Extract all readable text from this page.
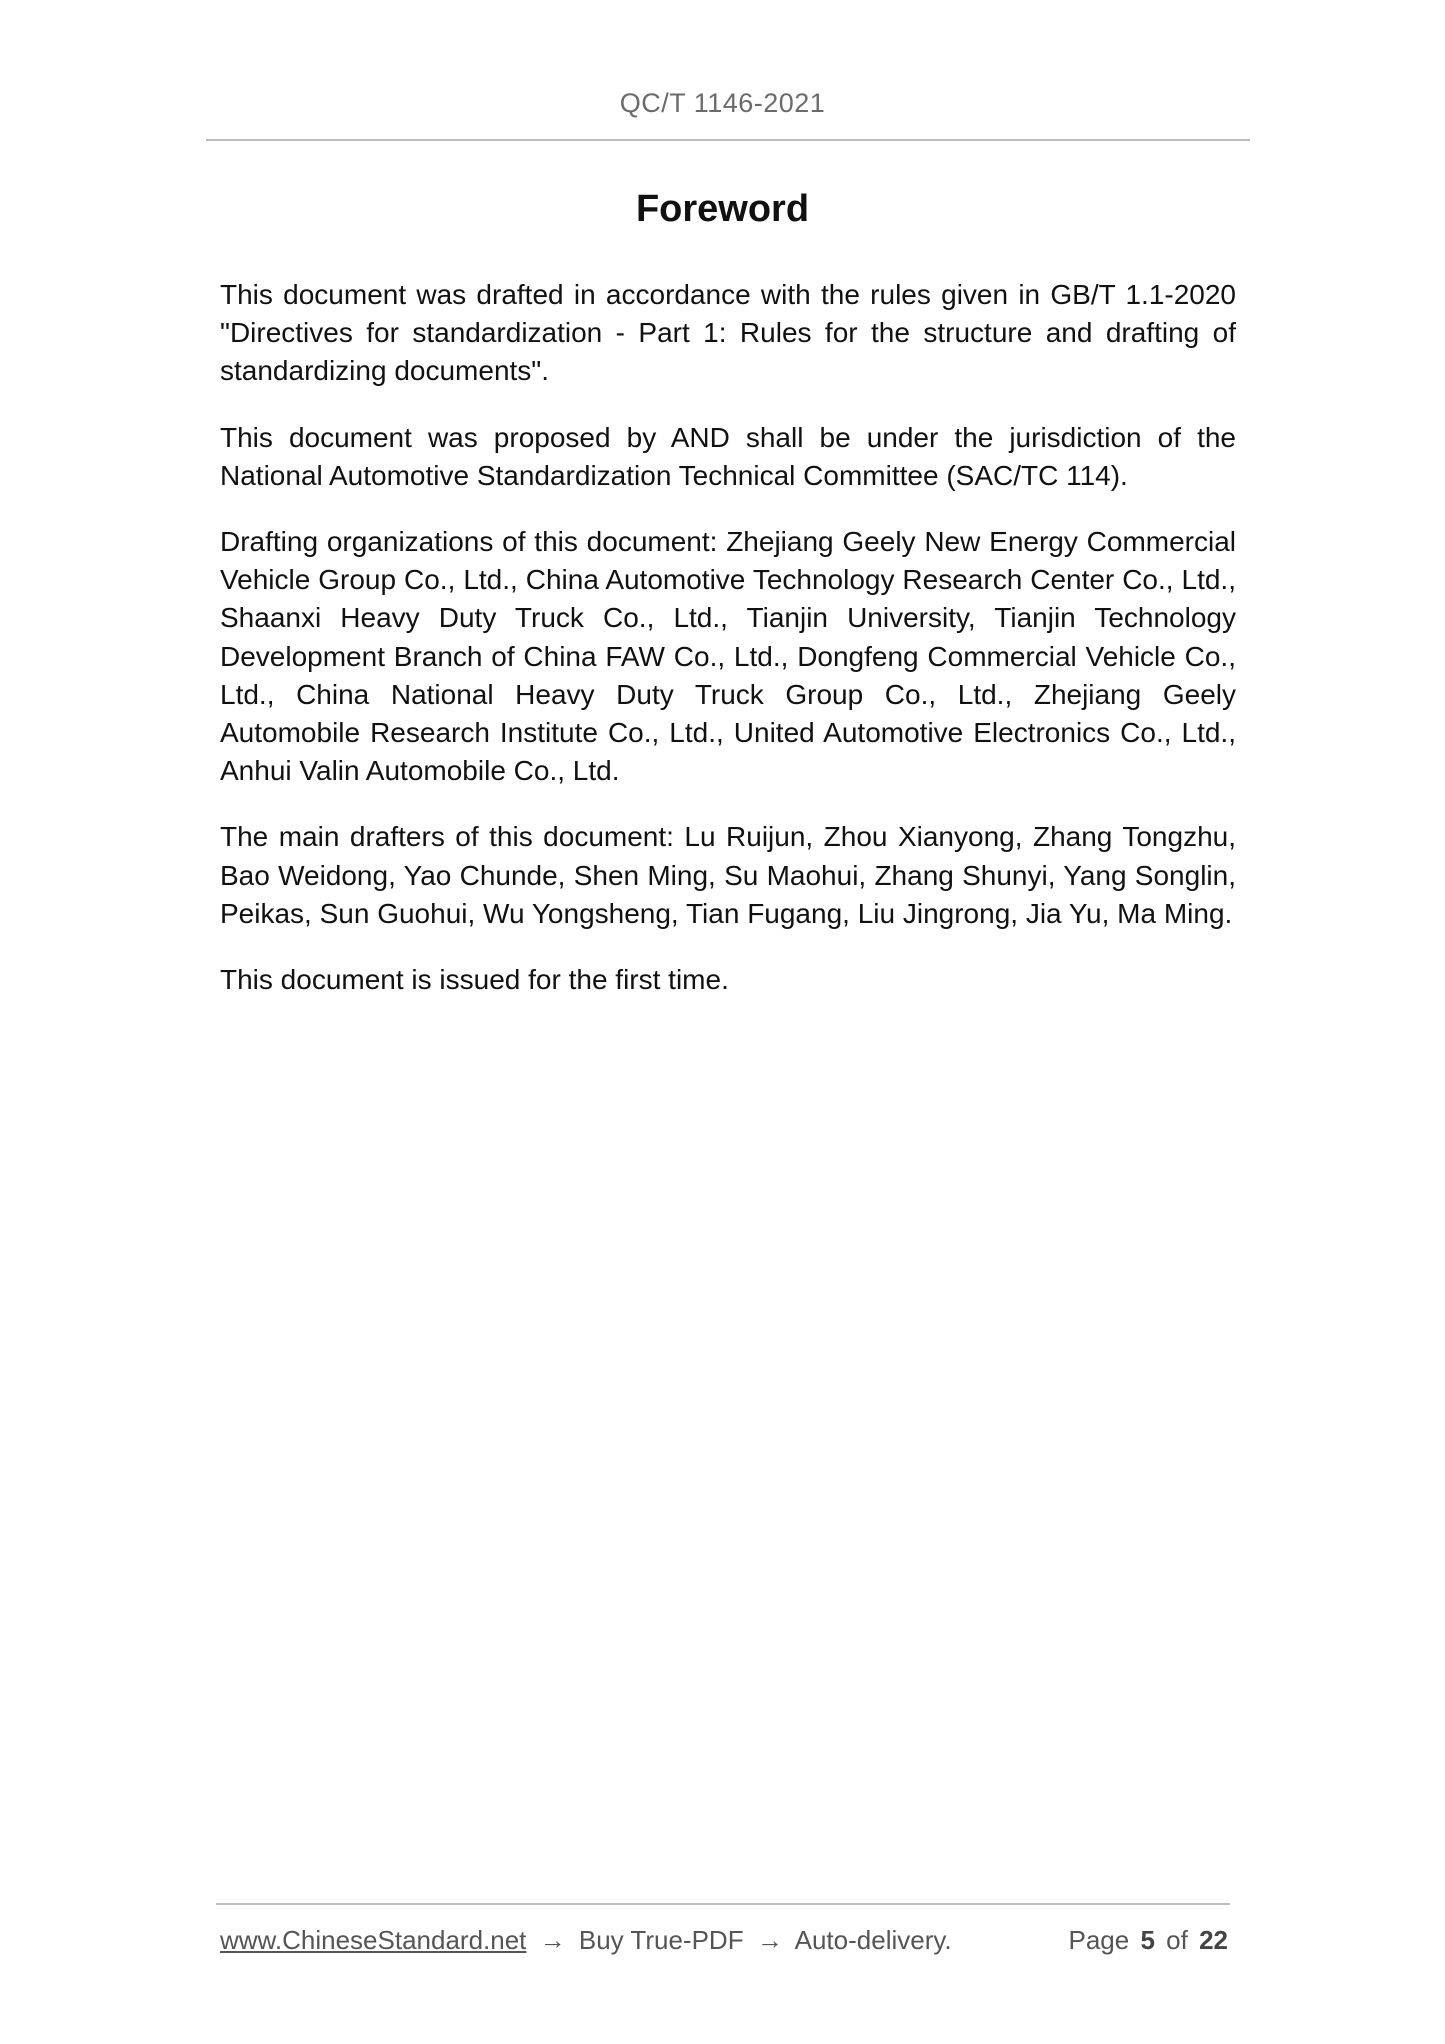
QC/T 1146-2021
Foreword

This document was drafted in accordance with the rules given in GB/T 1.1-2020 "Directives for standardization - Part 1: Rules for the structure and drafting of standardizing documents".

This document was proposed by AND shall be under the jurisdiction of the National Automotive Standardization Technical Committee (SAC/TC 114).

Drafting organizations of this document: Zhejiang Geely New Energy Commercial Vehicle Group Co., Ltd., China Automotive Technology Research Center Co., Ltd., Shaanxi Heavy Duty Truck Co., Ltd., Tianjin University, Tianjin Technology Development Branch of China FAW Co., Ltd., Dongfeng Commercial Vehicle Co., Ltd., China National Heavy Duty Truck Group Co., Ltd., Zhejiang Geely Automobile Research Institute Co., Ltd., United Automotive Electronics Co., Ltd., Anhui Valin Automobile Co., Ltd.

The main drafters of this document: Lu Ruijun, Zhou Xianyong, Zhang Tongzhu, Bao Weidong, Yao Chunde, Shen Ming, Su Maohui, Zhang Shunyi, Yang Songlin, Peikas, Sun Guohui, Wu Yongsheng, Tian Fugang, Liu Jingrong, Jia Yu, Ma Ming.

This document is issued for the first time.

www.ChineseStandard.net → Buy True-PDF → Auto-delivery.	Page 5 of 22
